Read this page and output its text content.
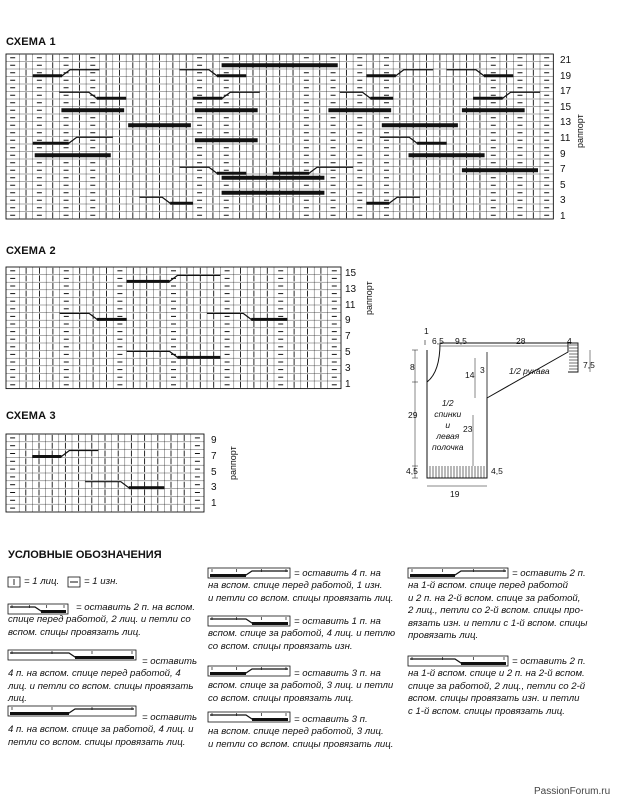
СХЕМА 1
СХЕМА 2
СХЕМА 3
21
19
17
15
13
11
9
7
5
3
1
15
13
11
9
7
5
3
1
9
7
5
3
1
раппорт
раппорт
раппорт
1
6,5 9,5	28	4
8
29
4,5
14 3
23
4,5
7,5
19
1/2 рукава
1/2
спинки
и
левая
полочка
УСЛОВНЫЕ ОБОЗНАЧЕНИЯ
= 1 лиц.	= 1 изн.
= оставить 2 п. на вспом.
спице перед работой, 2 лиц. и петли со
вспом. спицы провязать лиц.
= оставить
4 п. на вспом. спице перед работой, 4
лиц. и петли со вспом. спицы провязать
лиц.
= оставить
4 п. на вспом. спице за работой, 4 лиц. и
петли со вспом. спицы провязать лиц.
= оставить 4 п. на
на вспом. спице перед работой, 1 изн.
и петли со вспом. спицы провязать лиц.
= оставить 1 п. на
вспом. спице за работой, 4 лиц. и петлю
со вспом. спицы провязать изн.
= оставить 3 п. на
вспом. спице за работой, 3 лиц. и петли
со вспом. спицы провязать лиц.
= оставить 3 п.
на вспом. спице перед работой, 3 лиц.
и петли со вспом. спицы провязать лиц.
= оставить 2 п.
на 1-й вспом. спице перед работой
и 2 п. на 2-й вспом. спице за работой,
2 лиц., петли со 2-й вспом. спицы про-
вязать изн. и петли с 1-й вспом. спицы
провязать лиц.
= оставить 2 п.
на 1-й вспом. спице и 2 п. на 2-й вспом.
спице за работой, 2 лиц., петли со 2-й
вспом. спицы провязать изн. и петли
с 1-й вспом. спицы провязать лиц.
PassionForum.ru
